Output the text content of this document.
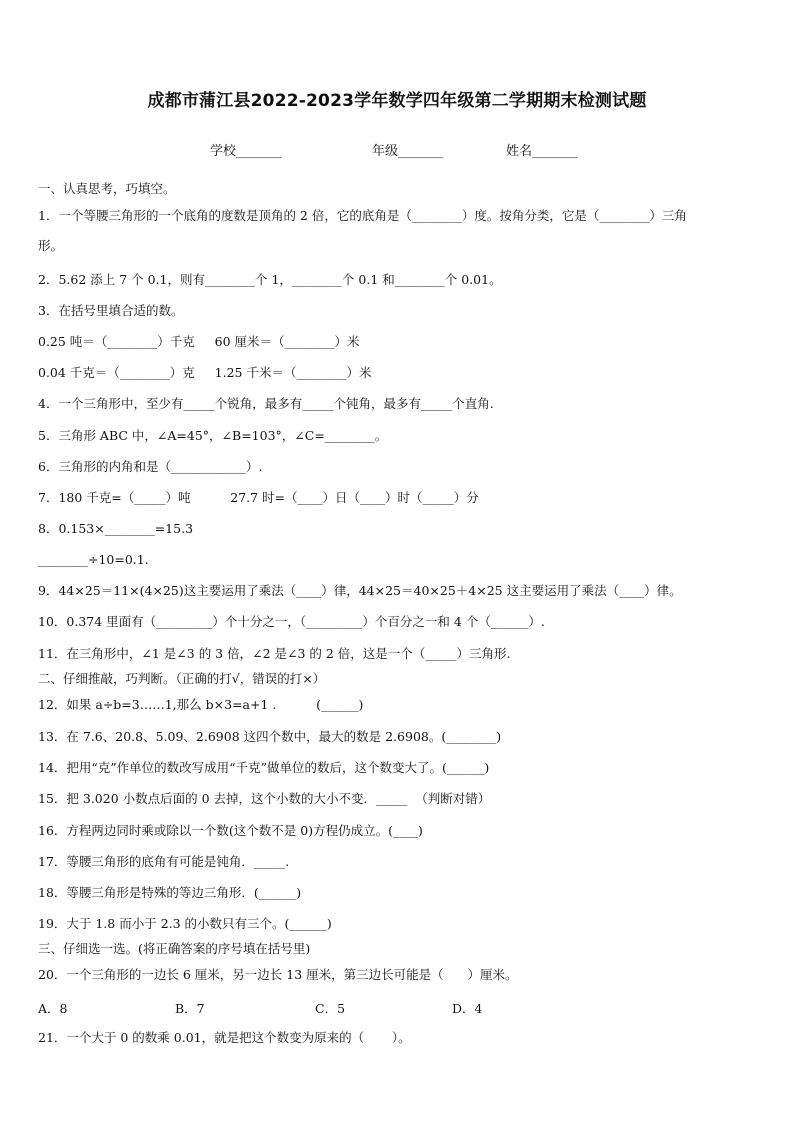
成都市蒲江县2022-2023学年数学四年级第二学期期末检测试题
学校_______	年级_______	姓名_______
一、认真思考，巧填空。
1．一个等腰三角形的一个底角的度数是顶角的 2 倍，它的底角是（________）度。按角分类，它是（________）三角
形。
2．5.62 添上 7 个 0.1，则有________个 1，________个 0.1 和________个 0.01。
3．在括号里填合适的数。
0.25 吨＝（________）千克     60 厘米＝（________）米
0.04 千克＝（________）克     1.25 千米＝（________）米
4．一个三角形中，至少有_____个锐角，最多有_____个钝角，最多有_____个直角.
5．三角形 ABC 中，∠A=45°，∠B=103°，∠C=________。
6．三角形的内角和是（____________）.
7．180 千克=（_____）吨          27.7 时=（____）日（____）时（_____）分
8．0.153×________=15.3
________÷10=0.1.
9．44×25＝11×(4×25)这主要运用了乘法（____）律，44×25＝40×25＋4×25 这主要运用了乘法（____）律。
10．0.374 里面有（_________）个十分之一，（_________）个百分之一和 4 个（______）.
11．在三角形中，∠1 是∠3 的 3 倍，∠2 是∠3 的 2 倍，这是一个（_____）三角形.
二、仔细推敲，巧判断。（正确的打√，错误的打×）
12．如果 a÷b=3……1,那么 b×3=a+1 .          (______)
13．在 7.6、20.8、5.09、2.6908 这四个数中，最大的数是 2.6908。(________)
14．把用“克”作单位的数改写成用“千克”做单位的数后，这个数变大了。(______)
15．把 3.020 小数点后面的 0 去掉，这个小数的大小不变．_____  （判断对错）
16．方程两边同时乘或除以一个数(这个数不是 0)方程仍成立。(____)
17．等腰三角形的底角有可能是钝角．_____.
18．等腰三角形是特殊的等边三角形．(______)
19．大于 1.8 而小于 2.3 的小数只有三个。(______)
三、仔细选一选。(将正确答案的序号填在括号里)
20．一个三角形的一边长 6 厘米，另一边长 13 厘米，第三边长可能是（      ）厘米。
A．8	B．7	C．5	D．4
21．一个大于 0 的数乘 0.01，就是把这个数变为原来的（       ）。
